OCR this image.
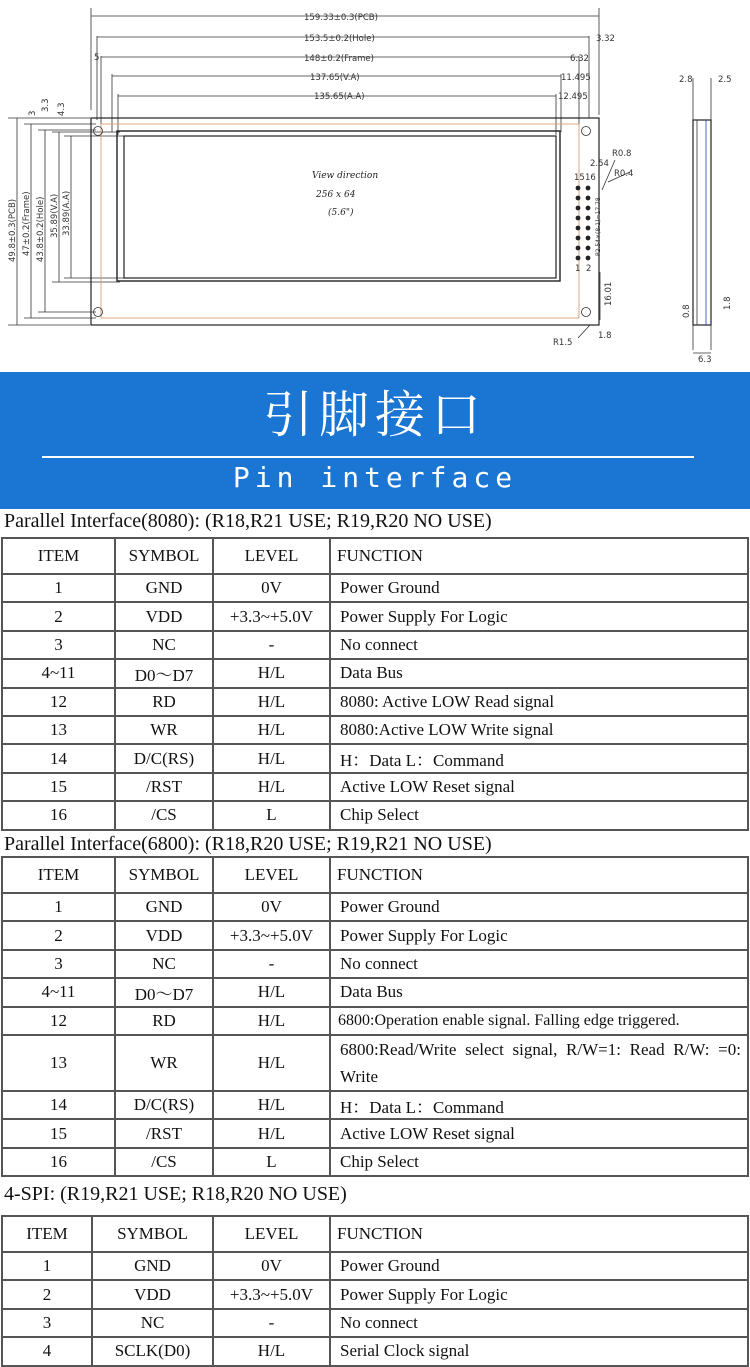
159.33±0.3(PCB)
153.5±0.2(Hole)
148±0.2(Frame)
137.65(V.A)
135.65(A.A)
3.32
6.32
11.495
12.495
5
49.8±0.3(PCB) 47±0.2(Frame) 43.8±0.2(Hole) 35.89(V.A) 33.89(A.A)
3
3.3 4.3
View direction
256 x 64
(5.6")
15 16
1 2
2.54
R0.8
R0.4
P2.54×(8-1)=17.78
16.01
R1.5
1.8
2.8	2.5
0.8
1.8
6.3
引脚接口
Pin interface
Parallel Interface(8080): (R18,R21 USE; R19,R20 NO USE)
ITEM	SYMBOL	LEVEL	FUNCTION
1	GND	0V	Power Ground
2	VDD	+3.3~+5.0V	Power Supply For Logic
3	NC	-	No connect
4~11	D0～D7	H/L	Data Bus
12	RD	H/L	8080: Active LOW Read signal
13	WR	H/L	8080:Active LOW Write signal
14	D/C(RS)	H/L	H：Data L：Command
15	/RST	H/L	Active LOW Reset signal
16	/CS	L	Chip Select
Parallel Interface(6800): (R18,R20 USE; R19,R21 NO USE)
ITEM	SYMBOL	LEVEL	FUNCTION
1	GND	0V	Power Ground
2	VDD	+3.3~+5.0V	Power Supply For Logic
3	NC	-	No connect
4~11	D0～D7	H/L	Data Bus
12	RD	H/L	6800:Operation enable signal. Falling edge triggered.
13	WR	H/L	6800:Read/Write select signal, R/W=1: Read R/W: =0: Write
14	D/C(RS)	H/L	H：Data L：Command
15	/RST	H/L	Active LOW Reset signal
16	/CS	L	Chip Select
4-SPI: (R19,R21 USE; R18,R20 NO USE)
ITEM	SYMBOL	LEVEL	FUNCTION
1	GND	0V	Power Ground
2	VDD	+3.3~+5.0V	Power Supply For Logic
3	NC	-	No connect
4	SCLK(D0)	H/L	Serial Clock signal
